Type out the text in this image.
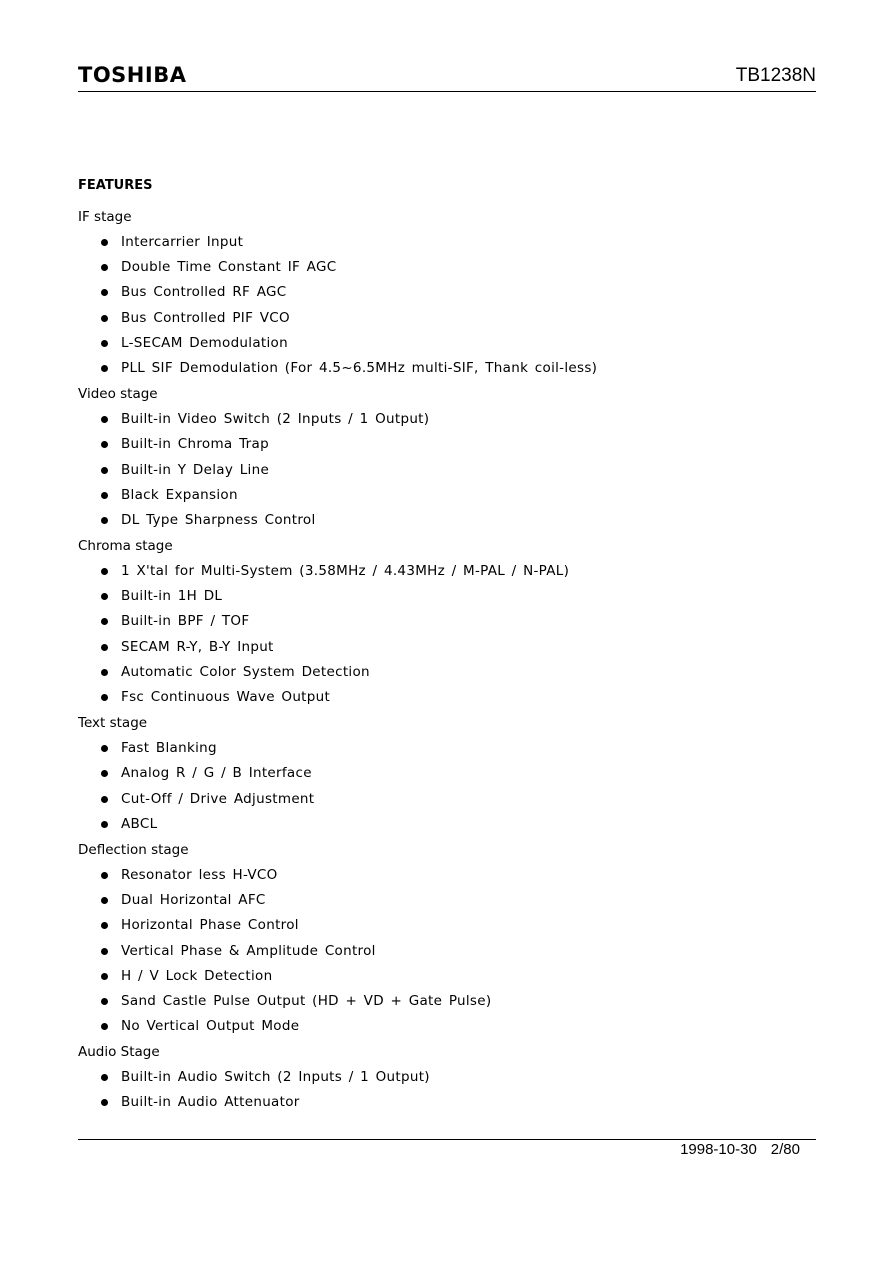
TOSHIBA	TB1238N
FEATURES
IF stage
Intercarrier Input
Double Time Constant IF AGC
Bus Controlled RF AGC
Bus Controlled PIF VCO
L-SECAM Demodulation
PLL SIF Demodulation (For 4.5~6.5MHz multi-SIF, Thank coil-less)
Video stage
Built-in Video Switch (2 Inputs / 1 Output)
Built-in Chroma Trap
Built-in Y Delay Line
Black Expansion
DL Type Sharpness Control
Chroma stage
1 X'tal for Multi-System (3.58MHz / 4.43MHz / M-PAL / N-PAL)
Built-in 1H DL
Built-in BPF / TOF
SECAM R-Y, B-Y Input
Automatic Color System Detection
Fsc Continuous Wave Output
Text stage
Fast Blanking
Analog R / G / B Interface
Cut-Off / Drive Adjustment
ABCL
Deflection stage
Resonator less H-VCO
Dual Horizontal AFC
Horizontal Phase Control
Vertical Phase & Amplitude Control
H / V Lock Detection
Sand Castle Pulse Output (HD + VD + Gate Pulse)
No Vertical Output Mode
Audio Stage
Built-in Audio Switch (2 Inputs / 1 Output)
Built-in Audio Attenuator
1998-10-30 2/80
